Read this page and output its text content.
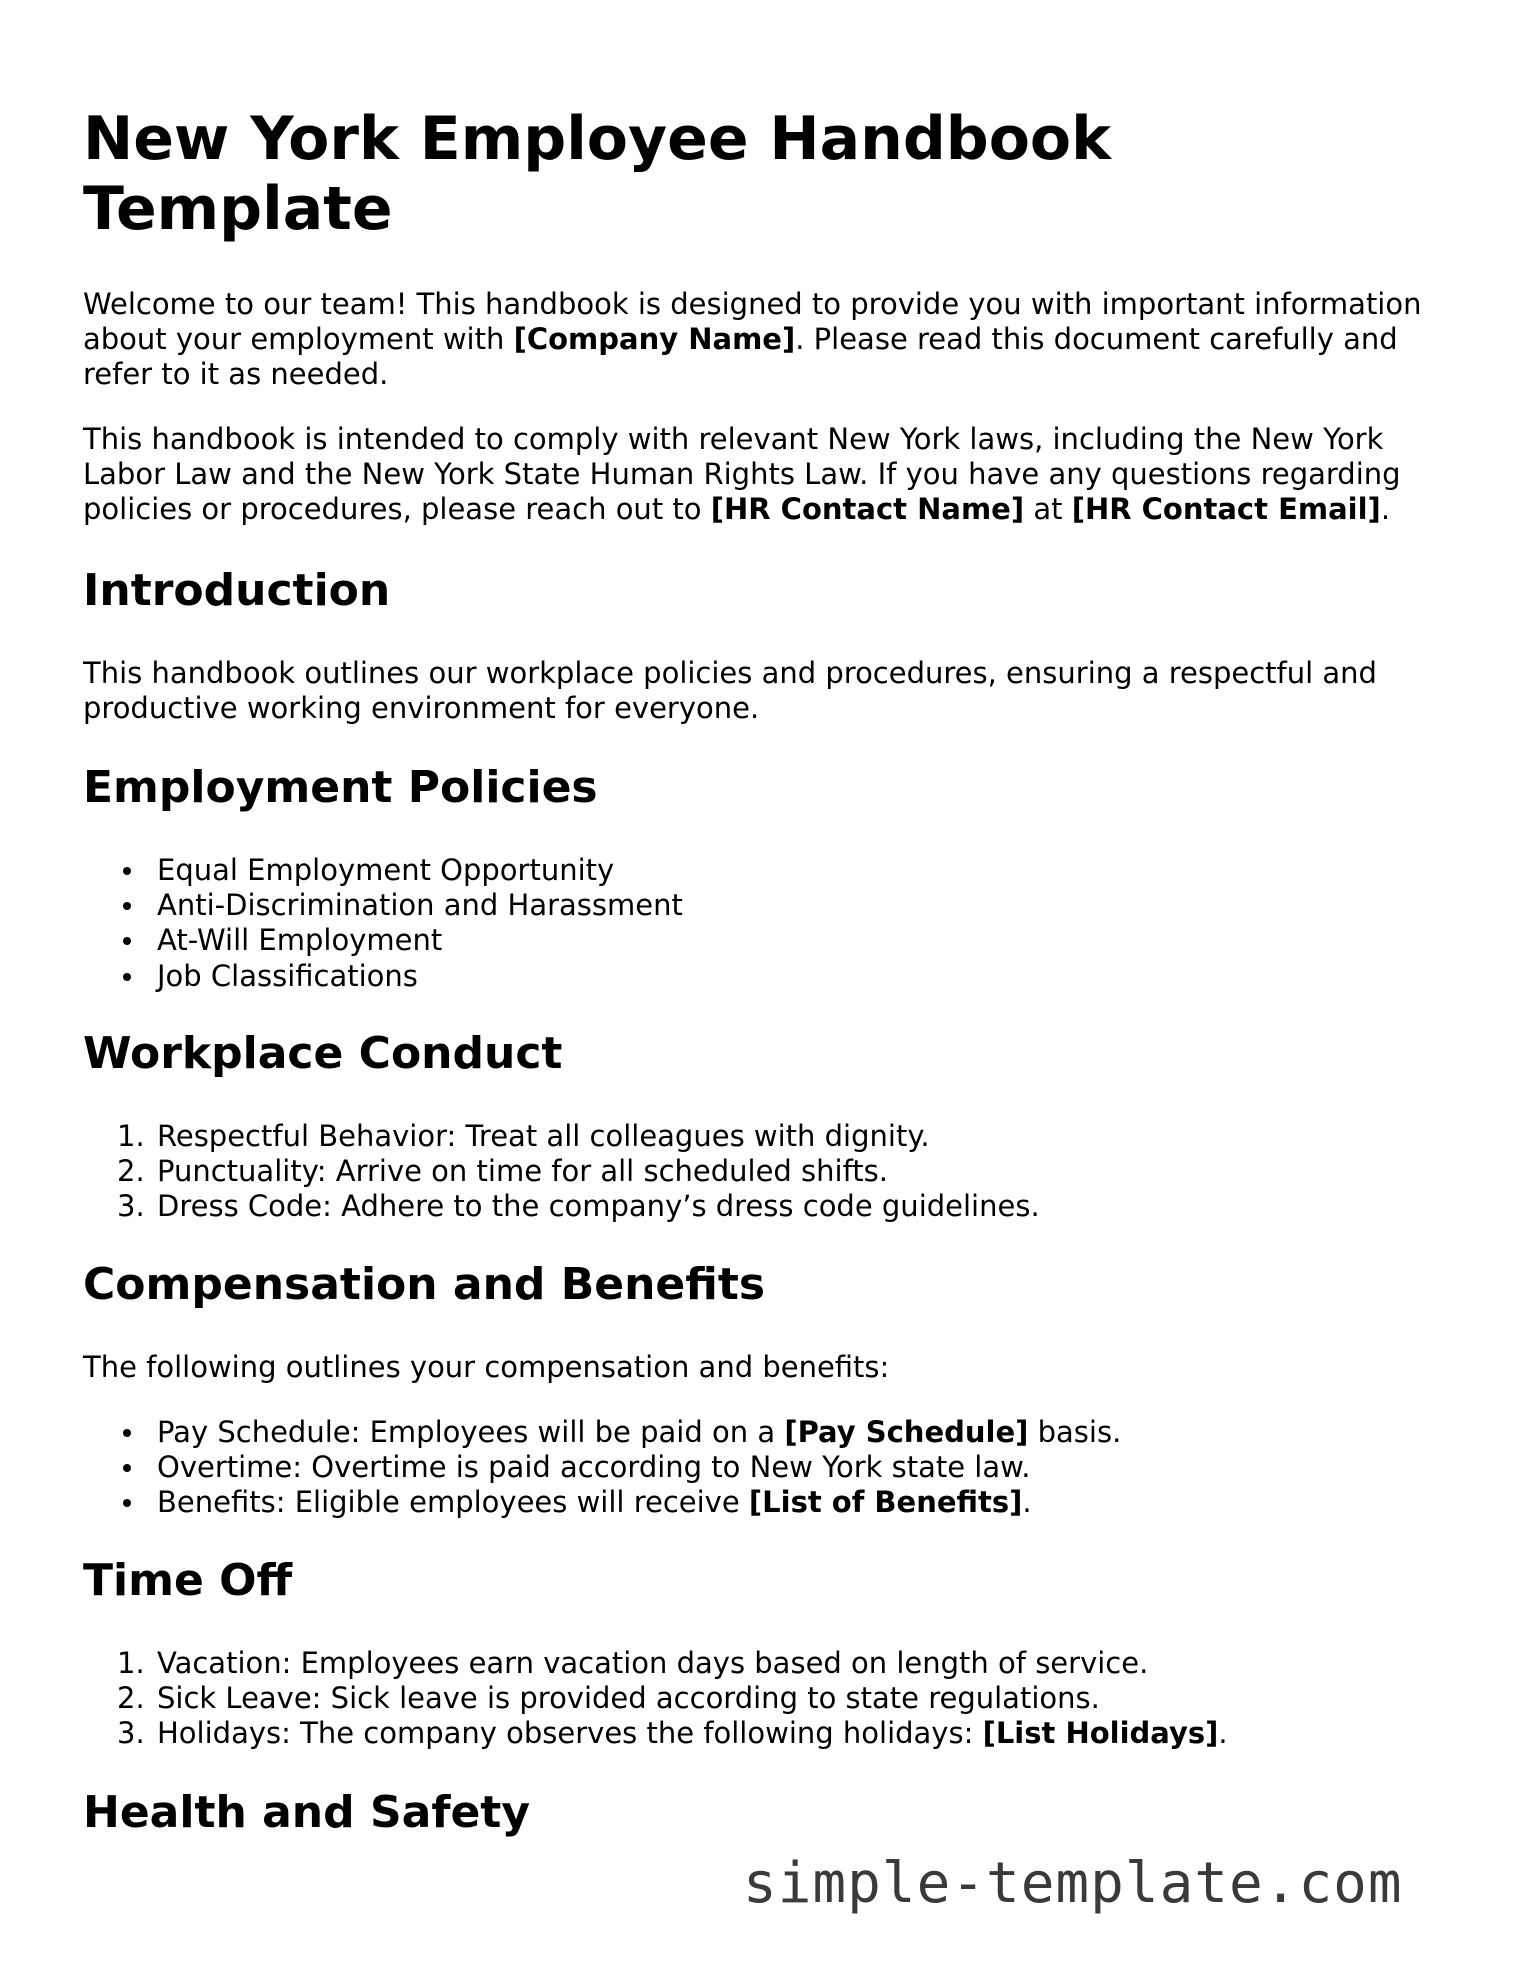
New York Employee Handbook Template

Welcome to our team! This handbook is designed to provide you with important information about your employment with [Company Name]. Please read this document carefully and refer to it as needed.

This handbook is intended to comply with relevant New York laws, including the New York Labor Law and the New York State Human Rights Law. If you have any questions regarding policies or procedures, please reach out to [HR Contact Name] at [HR Contact Email].

Introduction

This handbook outlines our workplace policies and procedures, ensuring a respectful and productive working environment for everyone.

Employment Policies
Equal Employment Opportunity
Anti-Discrimination and Harassment
At-Will Employment
Job Classifications
Workplace Conduct
1. Respectful Behavior: Treat all colleagues with dignity.
2. Punctuality: Arrive on time for all scheduled shifts.
3. Dress Code: Adhere to the company’s dress code guidelines.
Compensation and Benefits

The following outlines your compensation and benefits:

Pay Schedule: Employees will be paid on a [Pay Schedule] basis.
Overtime: Overtime is paid according to New York state law.
Benefits: Eligible employees will receive [List of Benefits].
Time Off
1. Vacation: Employees earn vacation days based on length of service.
2. Sick Leave: Sick leave is provided according to state regulations.
3. Holidays: The company observes the following holidays: [List Holidays].
Health and Safety
simple-template.com
